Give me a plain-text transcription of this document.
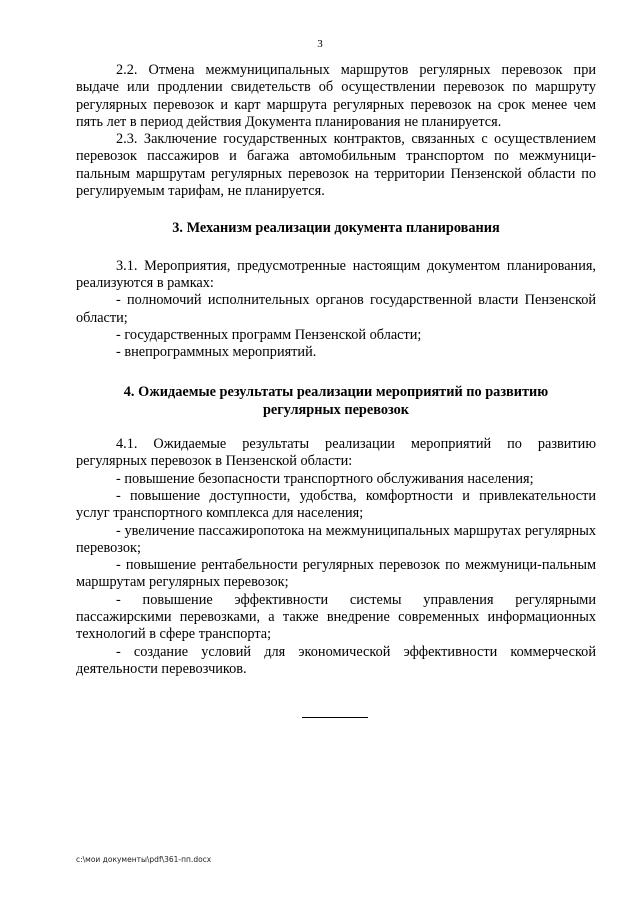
3

2.2. Отмена межмуниципальных маршрутов регулярных перевозок при выдаче или продлении свидетельств об осуществлении перевозок по маршруту регулярных перевозок и карт маршрута регулярных перевозок на срок менее чем пять лет в период действия Документа планирования не планируется.

2.3. Заключение государственных контрактов, связанных с осуществлением перевозок пассажиров и багажа автомобильным транспортом по межмуници-пальным маршрутам регулярных перевозок на территории Пензенской области по регулируемым тарифам, не планируется.

3. Механизм реализации документа планирования

3.1. Мероприятия, предусмотренные настоящим документом планирования, реализуются в рамках:

- полномочий исполнительных органов государственной власти Пензенской области;

- государственных программ Пензенской области;

- внепрограммных мероприятий.

4. Ожидаемые результаты реализации мероприятий по развитию
регулярных перевозок

4.1. Ожидаемые результаты реализации мероприятий по развитию регулярных перевозок в Пензенской области:

- повышение безопасности транспортного обслуживания населения;

- повышение доступности, удобства, комфортности и привлекательности услуг транспортного комплекса для населения;

- увеличение пассажиропотока на межмуниципальных маршрутах регулярных перевозок;

- повышение рентабельности регулярных перевозок по межмуници-пальным маршрутам регулярных перевозок;

- повышение эффективности системы управления регулярными пассажирскими перевозками, а также внедрение современных информационных технологий в сфере транспорта;

- создание условий для экономической эффективности коммерческой деятельности перевозчиков.

c:\мои документы\pdf\361-пп.docx
